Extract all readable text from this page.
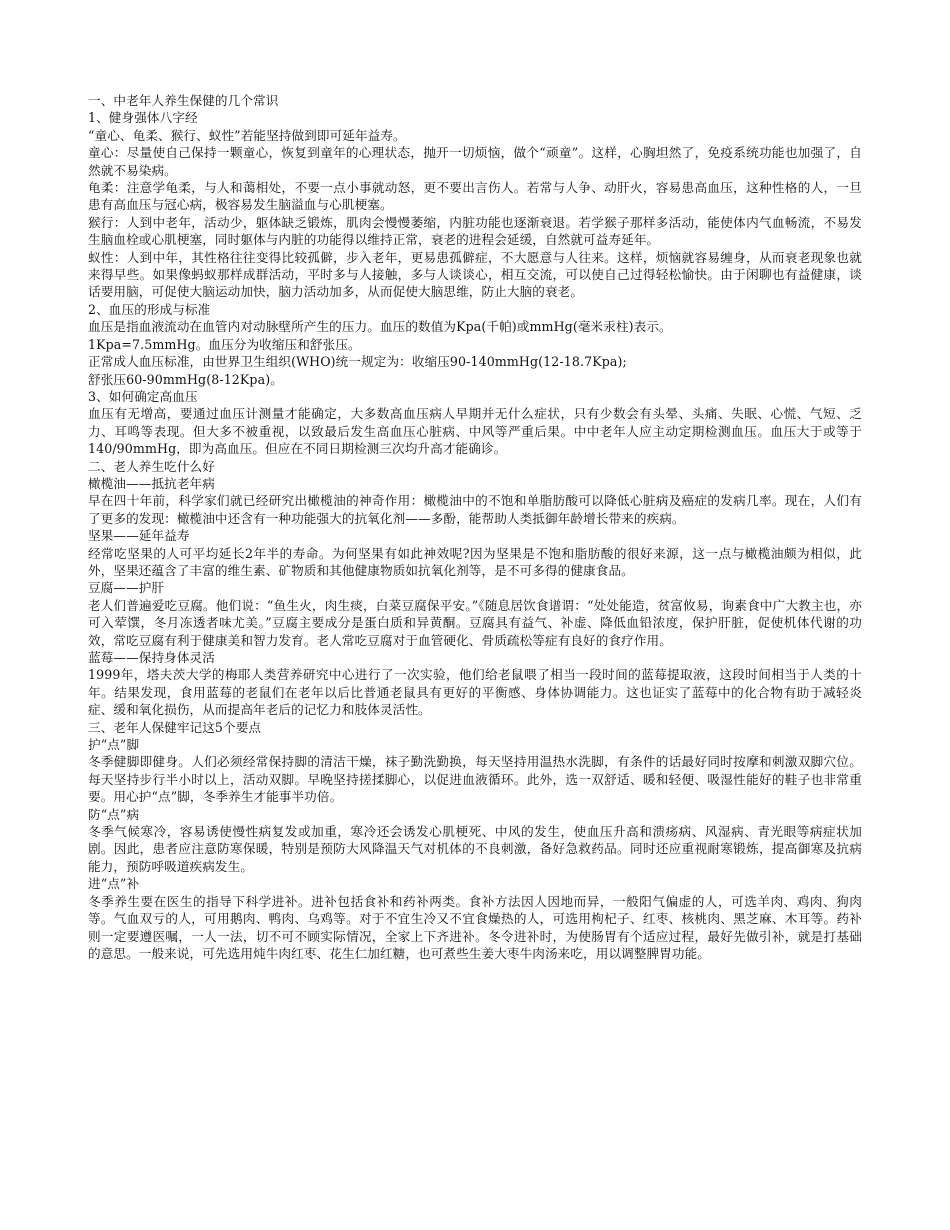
一、中老年人养生保健的几个常识

1、健身强体八字经

“童心、龟柔、猴行、蚁性”若能坚持做到即可延年益寿。

童心：尽量使自己保持一颗童心，恢复到童年的心理状态，抛开一切烦恼，做个“顽童”。这样，心胸坦然了，免疫系统功能也加强了，自然就不易染病。

龟柔：注意学龟柔，与人和蔼相处，不要一点小事就动怒，更不要出言伤人。若常与人争、动肝火，容易患高血压，这种性格的人，一旦患有高血压与冠心病，极容易发生脑溢血与心肌梗塞。

猴行：人到中老年，活动少，躯体缺乏锻炼，肌肉会慢慢萎缩，内脏功能也逐渐衰退。若学猴子那样多活动，能使体内气血畅流，不易发生脑血栓或心肌梗塞，同时躯体与内脏的功能得以维持正常，衰老的进程会延缓，自然就可益寿延年。

蚁性：人到中年，其性格往往变得比较孤僻，步入老年，更易患孤僻症，不大愿意与人往来。这样，烦恼就容易缠身，从而衰老现象也就来得早些。如果像蚂蚁那样成群活动，平时多与人接触，多与人谈谈心，相互交流，可以使自己过得轻松愉快。由于闲聊也有益健康，谈话要用脑，可促使大脑运动加快，脑力活动加多，从而促使大脑思维，防止大脑的衰老。

2、血压的形成与标准

血压是指血液流动在血管内对动脉壁所产生的压力。血压的数值为Kpa(千帕)或mmHg(毫米汞柱)表示。

1Kpa=7.5mmHg。血压分为收缩压和舒张压。

正常成人血压标准，由世界卫生组织(WHO)统一规定为：收缩压90-140mmHg(12-18.7Kpa);

舒张压60-90mmHg(8-12Kpa)。

3、如何确定高血压

血压有无增高，要通过血压计测量才能确定，大多数高血压病人早期并无什么症状，只有少数会有头晕、头痛、失眠、心慌、气短、乏力、耳鸣等表现。但大多不被重视，以致最后发生高血压心脏病、中风等严重后果。中中老年人应主动定期检测血压。血压大于或等于140/90mmHg，即为高血压。但应在不同日期检测三次均升高才能确诊。

二、老人养生吃什么好

橄榄油——抵抗老年病

早在四十年前，科学家们就已经研究出橄榄油的神奇作用：橄榄油中的不饱和单脂肪酸可以降低心脏病及癌症的发病几率。现在，人们有了更多的发现：橄榄油中还含有一种功能强大的抗氧化剂——多酚，能帮助人类抵御年龄增长带来的疾病。

坚果——延年益寿

经常吃坚果的人可平均延长2年半的寿命。为何坚果有如此神效呢?因为坚果是不饱和脂肪酸的很好来源，这一点与橄榄油颇为相似，此外，坚果还蕴含了丰富的维生素、矿物质和其他健康物质如抗氧化剂等，是不可多得的健康食品。

豆腐——护肝

老人们普遍爱吃豆腐。他们说：“鱼生火，肉生痰，白菜豆腐保平安。”《随息居饮食谱谓：“处处能造，贫富攸易，询素食中广大教主也，亦可入荤馔，冬月冻透者味尤美。”豆腐主要成分是蛋白质和异黄酮。豆腐具有益气、补虚、降低血铅浓度，保护肝脏，促使机体代谢的功效，常吃豆腐有利于健康美和智力发育。老人常吃豆腐对于血管硬化、骨质疏松等症有良好的食疗作用。

蓝莓——保持身体灵活

1999年，塔夫茨大学的梅耶人类营养研究中心进行了一次实验，他们给老鼠喂了相当一段时间的蓝莓提取液，这段时间相当于人类的十年。结果发现，食用蓝莓的老鼠们在老年以后比普通老鼠具有更好的平衡感、身体协调能力。这也证实了蓝莓中的化合物有助于减轻炎症、缓和氧化损伤，从而提高年老后的记忆力和肢体灵活性。

三、老年人保健牢记这5个要点

护“点”脚

冬季健脚即健身。人们必须经常保持脚的清洁干燥，袜子勤洗勤换，每天坚持用温热水洗脚，有条件的话最好同时按摩和刺激双脚穴位。每天坚持步行半小时以上，活动双脚。早晚坚持搓揉脚心，以促进血液循环。此外，选一双舒适、暖和轻便、吸湿性能好的鞋子也非常重要。用心护“点”脚，冬季养生才能事半功倍。

防“点”病

冬季气候寒冷，容易诱使慢性病复发或加重，寒冷还会诱发心肌梗死、中风的发生，使血压升高和溃疡病、风湿病、青光眼等病症状加剧。因此，患者应注意防寒保暖，特别是预防大风降温天气对机体的不良刺激，备好急救药品。同时还应重视耐寒锻炼，提高御寒及抗病能力，预防呼吸道疾病发生。

进“点”补

冬季养生要在医生的指导下科学进补。进补包括食补和药补两类。食补方法因人因地而异，一般阳气偏虚的人，可选羊肉、鸡肉、狗肉等。气血双亏的人，可用鹅肉、鸭肉、乌鸡等。对于不宜生冷又不宜食燥热的人，可选用枸杞子、红枣、核桃肉、黑芝麻、木耳等。药补则一定要遵医嘱，一人一法，切不可不顾实际情况，全家上下齐进补。冬令进补时，为使肠胃有个适应过程，最好先做引补，就是打基础的意思。一般来说，可先选用炖牛肉红枣、花生仁加红糖，也可煮些生姜大枣牛肉汤来吃，用以调整脾胃功能。
